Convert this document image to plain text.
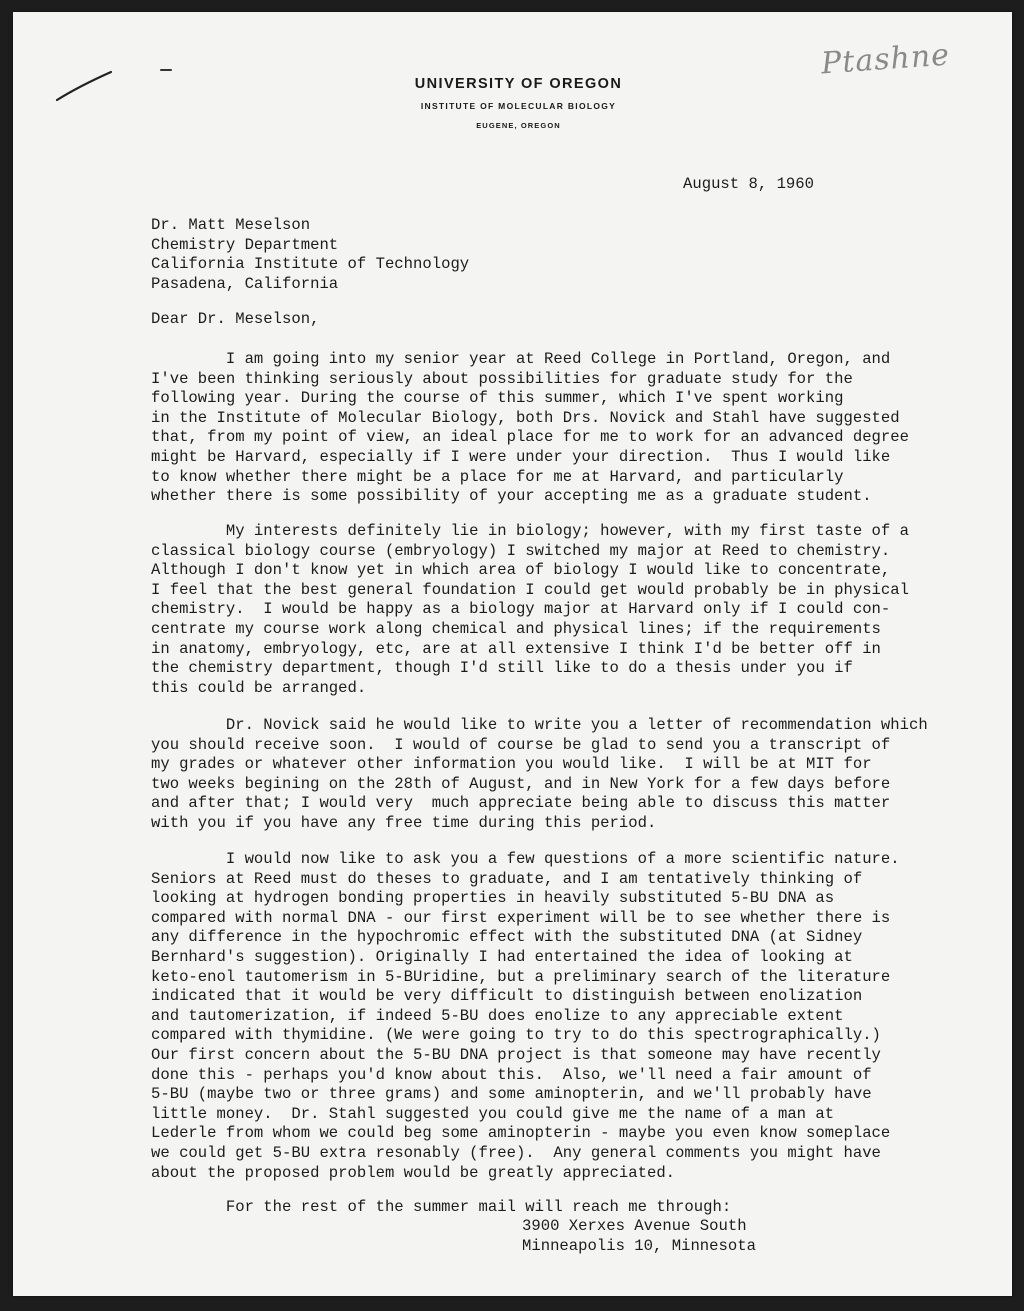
Ptashne
UNIVERSITY OF OREGON
INSTITUTE OF MOLECULAR BIOLOGY
EUGENE, OREGON
August 8, 1960
Dr. Matt Meselson
Chemistry Department
California Institute of Technology
Pasadena, California
Dear Dr. Meselson,
I am going into my senior year at Reed College in Portland, Oregon, and
I've been thinking seriously about possibilities for graduate study for the
following year. During the course of this summer, which I've spent working
in the Institute of Molecular Biology, both Drs. Novick and Stahl have suggested
that, from my point of view, an ideal place for me to work for an advanced degree
might be Harvard, especially if I were under your direction.  Thus I would like
to know whether there might be a place for me at Harvard, and particularly
whether there is some possibility of your accepting me as a graduate student.
My interests definitely lie in biology; however, with my first taste of a
classical biology course (embryology) I switched my major at Reed to chemistry.
Although I don't know yet in which area of biology I would like to concentrate,
I feel that the best general foundation I could get would probably be in physical
chemistry.  I would be happy as a biology major at Harvard only if I could con-
centrate my course work along chemical and physical lines; if the requirements
in anatomy, embryology, etc, are at all extensive I think I'd be better off in
the chemistry department, though I'd still like to do a thesis under you if
this could be arranged.
Dr. Novick said he would like to write you a letter of recommendation which
you should receive soon.  I would of course be glad to send you a transcript of
my grades or whatever other information you would like.  I will be at MIT for
two weeks begining on the 28th of August, and in New York for a few days before
and after that; I would very  much appreciate being able to discuss this matter
with you if you have any free time during this period.
I would now like to ask you a few questions of a more scientific nature.
Seniors at Reed must do theses to graduate, and I am tentatively thinking of
looking at hydrogen bonding properties in heavily substituted 5-BU DNA as
compared with normal DNA - our first experiment will be to see whether there is
any difference in the hypochromic effect with the substituted DNA (at Sidney
Bernhard's suggestion). Originally I had entertained the idea of looking at
keto-enol tautomerism in 5-BUridine, but a preliminary search of the literature
indicated that it would be very difficult to distinguish between enolization
and tautomerization, if indeed 5-BU does enolize to any appreciable extent
compared with thymidine. (We were going to try to do this spectrographically.)
Our first concern about the 5-BU DNA project is that someone may have recently
done this - perhaps you'd know about this.  Also, we'll need a fair amount of
5-BU (maybe two or three grams) and some aminopterin, and we'll probably have
little money.  Dr. Stahl suggested you could give me the name of a man at
Lederle from whom we could beg some aminopterin - maybe you even know someplace
we could get 5-BU extra resonably (free).  Any general comments you might have
about the proposed problem would be greatly appreciated.
For the rest of the summer mail will reach me through:
3900 Xerxes Avenue South
Minneapolis 10, Minnesota
